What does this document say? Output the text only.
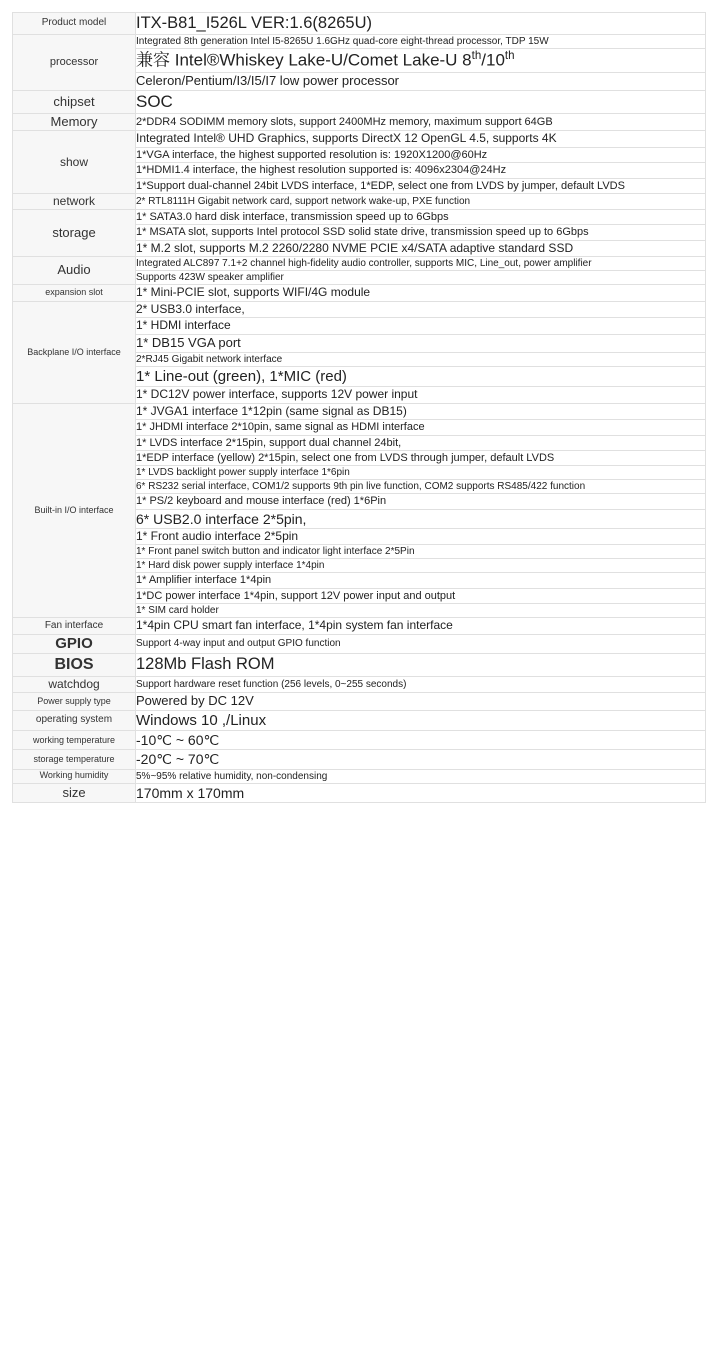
Product model	ITX-B81_I526L VER:1.6(8265U)
processor	Integrated 8th generation Intel I5-8265U 1.6GHz quad-core eight-thread processor, TDP 15W
	兼容 Intel®Whiskey Lake-U/Comet Lake-U 8th/10th
	Celeron/Pentium/I3/I5/I7 low power processor
chipset	SOC
Memory	2*DDR4 SODIMM memory slots, support 2400MHz memory, maximum support 64GB
show	Integrated Intel® UHD Graphics, supports DirectX 12 OpenGL 4.5, supports 4K
	1*VGA interface, the highest supported resolution is: 1920X1200@60Hz
	1*HDMI1.4 interface, the highest resolution supported is: 4096x2304@24Hz
	1*Support dual-channel 24bit LVDS interface, 1*EDP, select one from LVDS by jumper, default LVDS
network	2* RTL8111H Gigabit network card, support network wake-up, PXE function
storage	1* SATA3.0 hard disk interface, transmission speed up to 6Gbps
	1* MSATA slot, supports Intel protocol SSD solid state drive, transmission speed up to 6Gbps
	1* M.2 slot, supports M.2 2260/2280 NVME PCIE x4/SATA adaptive standard SSD
Audio	Integrated ALC897 7.1+2 channel high-fidelity audio controller, supports MIC, Line_out, power amplifier
	Supports 423W speaker amplifier
expansion slot	1* Mini-PCIE slot, supports WIFI/4G module
Backplane I/O interface	2* USB3.0 interface,
	1* HDMI interface
	1* DB15 VGA port
	2*RJ45 Gigabit network interface
	1* Line-out (green), 1*MIC (red)
	1* DC12V power interface, supports 12V power input
Built-in I/O interface	1* JVGA1 interface 1*12pin (same signal as DB15)
	1* JHDMI interface 2*10pin, same signal as HDMI interface
	1* LVDS interface 2*15pin, support dual channel 24bit,
	1*EDP interface (yellow) 2*15pin, select one from LVDS through jumper, default LVDS
	1* LVDS backlight power supply interface 1*6pin
	6* RS232 serial interface, COM1/2 supports 9th pin live function, COM2 supports RS485/422 function
	1* PS/2 keyboard and mouse interface (red) 1*6Pin
	6* USB2.0 interface 2*5pin,
	1* Front audio interface 2*5pin
	1* Front panel switch button and indicator light interface 2*5Pin
	1* Hard disk power supply interface 1*4pin
	1* Amplifier interface 1*4pin
	1*DC power interface 1*4pin, support 12V power input and output
	1* SIM card holder
Fan interface	1*4pin CPU smart fan interface, 1*4pin system fan interface
GPIO	Support 4-way input and output GPIO function
BIOS	128Mb Flash ROM
watchdog	Support hardware reset function (256 levels, 0~255 seconds)
Power supply type	Powered by DC 12V
operating system	Windows 10 ,/Linux
working temperature	-10℃ ~ 60℃
storage temperature	-20℃ ~ 70℃
Working humidity	5%~95% relative humidity, non-condensing
size	170mm x 170mm
